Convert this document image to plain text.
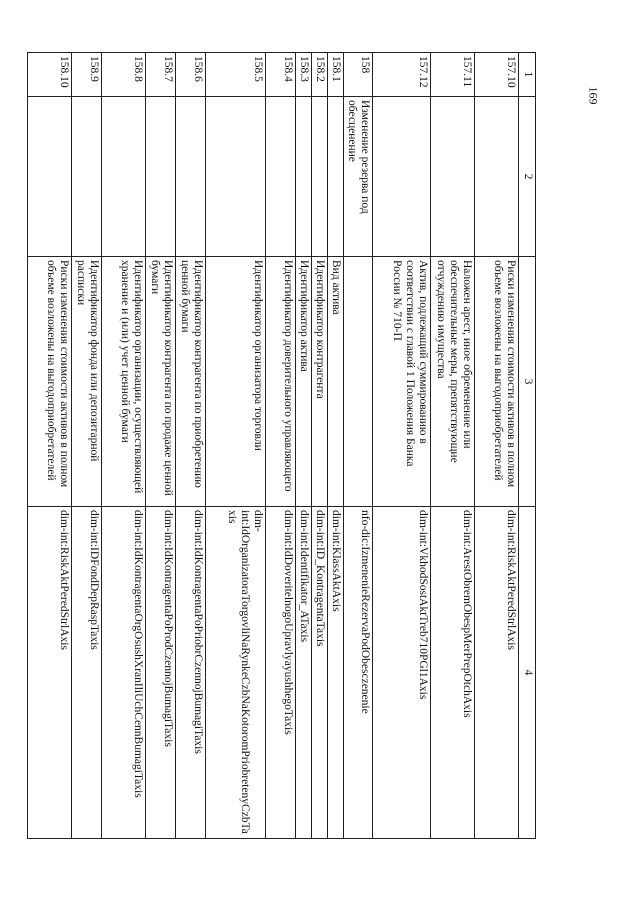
169
1	2	3	4
157.10		Риски изменения стоимости активов в полном объеме возложены на выгодоприобретателей	dim-int:RiskAktPeredStrlAxis
157.11		Наложен арест, иное обременение или обеспечительные меры, препятствующие отчуждению имущества	dim-int:ArestObremObespMerPrepOtchAxis
157.12		Актив, подлежащий суммированию в соответствии с главой 1 Положения Банка России № 710-П	dim-int:VkhodSostAktTreb710PGl1Axis
158	Изменение резерва под обесценение		nfo-dic:IzmenenieRezervaPodObesczenenie
158.1		Вид актива	dim-int:KlassAktAxis
158.2		Идентификатор контрагента	dim-int:ID_KontragentaTaxis
158.3		Идентификатор актива	dim-int:Identifikator_ATaxis
158.4		Идентификатор доверительного управляющего	dim-int:IdDoveritelnogoUpravlyayushhegoTaxis
158.5		Идентификатор организатора торговли	dim-int:IdOrganizatoraTorgovliNaRynkeCzbNaKotoromPriobretenyCzbTaxis
158.6		Идентификатор контрагента по приобретению ценной бумаги	dim-int:IdKontragentaPoPriobrCzennojBumagiTaxis
158.7		Идентификатор контрагента по продаже ценной бумаги	dim-int:IdKontragentaPoProdCzennojBumagiTaxis
158.8		Идентификатор организации, осуществляющей хранение и (или) учет ценной бумаги	dim-int:IdKontragentaOrgOsushXranIliUchCennBumagiTaxis
158.9		Идентификатор фонда или депозитарной расписки	dim-int:IDFondDepRaspTaxis
158.10		Риски изменения стоимости активов в полном объеме возложены на выгодоприобретателей	dim-int:RiskAktPeredStrlAxis
